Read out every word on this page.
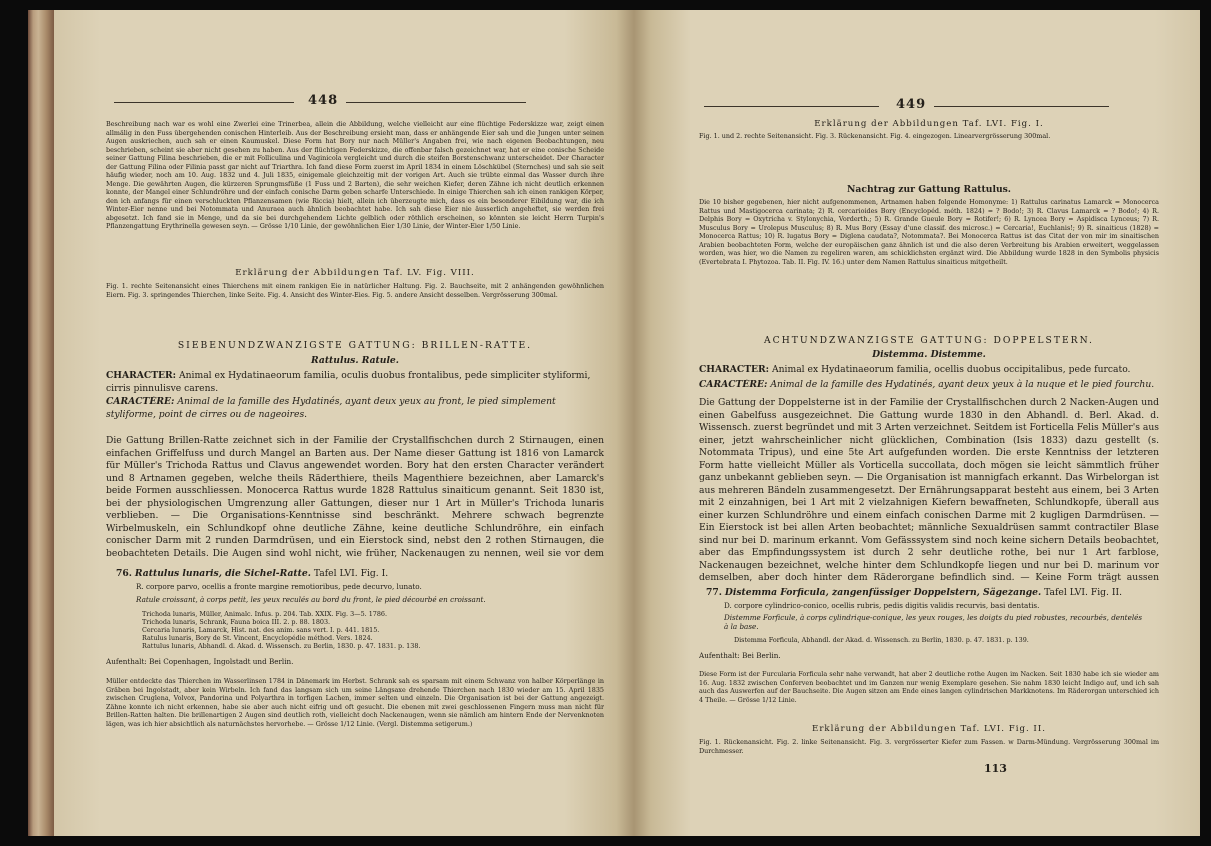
448
Beschreibung nach war es wohl eine Zwerlei eine Trinerbea, allein die Abbildung, welche vielleicht aur eine flüchtige Federskizze war, zeigt einen allmälig in den Fuss übergehenden conischen Hinterleib. Aus der Beschreibung ersieht man, dass er anhängende Eier sah und die Jungen unter seinen Augen auskriechen, auch sah er einen Kaumuskel. Diese Form hat Bory nur nach Müller's Angaben frei, wie nach eigenen Beobachtungen, neu beschrieben, scheint sie aber nicht gesehen zu haben. Aus der flüchtigen Federskizze, die offenbar falsch gezeichnet war, hat er eine conische Scheide seiner Gattung Filina beschrieben, die er mit Folliculina und Vaginicola vergleicht und durch die steifen Borstenschwanz unterscheidet. Der Character der Gattung Filina oder Filinia passt gar nicht auf Triarthra. Ich fand diese Form zuerst im April 1834 in einem Löschkübel (Sternches) und sah sie seit häufig wieder, noch am 10. Aug. 1832 und 4. Juli 1835, einigemale gleichzeitig mit der vorigen Art. Auch sie trübte einmal das Wasser durch ihre Menge. Die gewährten Augen, die kürzeren Sprungmsfüße (1 Fuss und 2 Barten), die sehr weichen Kiefer, deren Zähne ich nicht deutlich erkennen konnte, der Mangel einer Schlundröhre und der einfach conische Darm geben scharfe Unterschiede. In einige Thierchen sah ich einen rankigen Körper, den ich anfangs für einen verschluckten Pflanzensamen (wie Riccia) hielt, allein ich überzeugte mich, dass es ein besonderer Eibildung war, die ich Winter-Eier nenne und bei Notommata und Anuraea auch ähnlich beobachtet habe. Ich sah diese Eier nie äusserlich angeheftet, sie werden frei abgesetzt. Ich fand sie in Menge, und da sie bei durchgehendem Lichte gelblich oder röthlich erscheinen, so könnten sie leicht Herrn Turpin's Pflanzengattung Erythrinella gewesen seyn. — Grösse 1/10 Linie, der gewöhnlichen Eier 1/30 Linie, der Winter-Eier 1/50 Linie.
Erklärung der Abbildungen Taf. LV. Fig. VIII.
Fig. 1. rechte Seitenansicht eines Thierchens mit einem rankigen Eie in natürlicher Haltung. Fig. 2. Bauchseite, mit 2 anhängenden gewöhnlichen Eiern. Fig. 3. springendes Thierchen, linke Seite. Fig. 4. Ansicht des Winter-Eies. Fig. 5. andere Ansicht desselben. Vergrösserung 300mal.
SIEBENUNDZWANZIGSTE GATTUNG: BRILLEN-RATTE.
Rattulus. Ratule.
CHARACTER: Animal ex Hydatinaeorum familia, oculis duobus frontalibus, pede simpliciter styliformi, cirris pinnulisve carens.
CARACTÈRE: Animal de la famille des Hydatinés, ayant deux yeux au front, le pied simplement styliforme, point de cirres ou de nageoires.
Die Gattung Brillen-Ratte zeichnet sich in der Familie der Crystallfischchen durch 2 Stirnaugen, einen einfachen Griffelfuss und durch Mangel an Barten aus. Der Name dieser Gattung ist 1816 von Lamarck für Müller's Trichoda Rattus und Clavus angewendet worden. Bory hat den ersten Character verändert und 8 Artnamen gegeben, welche theils Räderthiere, theils Magenthiere bezeichnen, aber Lamarck's beide Formen ausschliessen. Monocerca Rattus wurde 1828 Rattulus sinaiticum genannt. Seit 1830 ist, bei der physiologischen Umgrenzung aller Gattungen, dieser nur 1 Art in Müller's Trichoda lunaris verblieben. — Die Organisations-Kenntnisse sind beschränkt. Mehrere schwach begrenzte Wirbelmuskeln, ein Schlundkopf ohne deutliche Zähne, keine deutliche Schlundröhre, ein einfach conischer Darm mit 2 runden Darmdrüsen, und ein Eierstock sind, nebst den 2 rothen Stirnaugen, die beobachteten Details. Die Augen sind wohl nicht, wie früher, Nackenaugen zu nennen, weil sie vor dem
76. Rattulus lunaris, die Sichel-Ratte. Tafel LVI. Fig. I.
R. corpore parvo, ocellis a fronte margine remotioribus, pede decurvo, lunato.
Ratule croissant, à corps petit, les yeux reculés au bord du front, le pied décourbé en croissant.
Trichoda lunaris, Müller, Animalc. Infus. p. 204. Tab. XXIX. Fig. 3—5. 1786.
Trichoda lunaris, Schrank, Fauna boica III. 2. p. 88. 1803.
Cercaria lunaris, Lamarck, Hist. nat. des anim. sans vert. I. p. 441. 1815.
Ratulus lunaris, Bory de St. Vincent, Encyclopédie méthod. Vers. 1824.
Rattulus lunaris, Abhandl. d. Akad. d. Wissensch. zu Berlin, 1830. p. 47. 1831. p. 138.
Aufenthalt: Bei Copenhagen, Ingolstadt und Berlin.
Müller entdeckte das Thierchen im Wasserlinsen 1784 in Dänemark im Herbst. Schrank sah es sparsam mit einem Schwanz von halber Körperlänge in Gräben bei Ingolstadt, aber kein Wirbeln. Ich fand das langsam sich um seine Längsaxe drehende Thierchen nach 1830 wieder am 15. April 1835 zwischen Cruglena, Volvox, Pandorina und Polyarthra in torfigen Lachen, immer selten und einzeln. Die Organisation ist bei der Gattung angezeigt. Zähne konnte ich nicht erkennen, habe sie aber auch nicht eifrig und oft gesucht. Die ebenen mit zwei geschlossenen Fingern muss man nicht für Brillen-Ratten halten. Die brillenartigen 2 Augen sind deutlich roth, vielleicht doch Nackenaugen, wenn sie nämlich am hintern Ende der Nervenknoten lägen, was ich hier absichtlich als naturnächstes hervorhebe. — Grösse 1/12 Linie. (Vergl. Distemma setigerum.)
449
Erklärung der Abbildungen Taf. LVI. Fig. I.
Fig. 1. und 2. rechte Seitenansicht. Fig. 3. Rückenansicht. Fig. 4. eingezogen. Linearvergrösserung 300mal.
Nachtrag zur Gattung Rattulus.
Die 10 bisher gegebenen, hier nicht aufgenommenen, Artnamen haben folgende Homonyme: 1) Rattulus carinatus Lamarck = Monocerca Rattus und Mastigocerca carinata; 2) R. cercarioides Bory (Encyclopéd. méth. 1824) = ? Bodo!; 3) R. Clavus Lamarck = ? Bodo!; 4) R. Delphis Bory = Oxytricha v. Stylonychia, Vorderth.; 5) R. Grande Gueule Bory = Rotifer!; 6) R. Lyncea Bory = Aspidisca Lynceus; 7) R. Musculus Bory = Urolepus Musculus; 8) R. Mus Bory (Essay d'une classif. des microsc.) = Cercaria!, Euchlanis!; 9) R. sinaiticus (1828) = Monocerca Rattus; 10) R. lugatus Bory = Diglena caudata?, Notommata?. Bei Monocerca Rattus ist das Citat der von mir im sinaitischen Arabien beobachteten Form, welche der europäischen ganz ähnlich ist und die also deren Verbreitung bis Arabien erweitert, weggelassen worden, was hier, wo die Namen zu regeliren waren, am schicklichsten ergänzt wird. Die Abbildung wurde 1828 in den Symbolis physicis (Evertebrata I. Phytozoa. Tab. II. Fig. IV. 16.) unter dem Namen Rattulus sinaiticus mitgetheilt.
ACHTUNDZWANZIGSTE GATTUNG: DOPPELSTERN.
Distemma. Distemme.
CHARACTER: Animal ex Hydatinaeorum familia, ocellis duobus occipitalibus, pede furcato.
CARACTÈRE: Animal de la famille des Hydatinés, ayant deux yeux à la nuque et le pied fourchu.
Die Gattung der Doppelsterne ist in der Familie der Crystallfischchen durch 2 Nacken-Augen und einen Gabelfuss ausgezeichnet. Die Gattung wurde 1830 in den Abhandl. d. Berl. Akad. d. Wissensch. zuerst begründet und mit 3 Arten verzeichnet. Seitdem ist Forticella Felis Müller's aus einer, jetzt wahrscheinlicher nicht glücklichen, Combination (Isis 1833) dazu gestellt (s. Notommata Tripus), und eine 5te Art aufgefunden worden. Die erste Kenntniss der letzteren Form hatte vielleicht Müller als Vorticella succollata, doch mögen sie leicht sämmtlich früher ganz unbekannt geblieben seyn. — Die Organisation ist mannigfach erkannt. Das Wirbelorgan ist aus mehreren Bändeln zusammengesetzt. Der Ernährungsapparat besteht aus einem, bei 3 Arten mit 2 einzahnigen, bei 1 Art mit 2 vielzahnigen Kiefern bewaffneten, Schlundkopfe, überall aus einer kurzen Schlundröhre und einem einfach conischen Darme mit 2 kugligen Darmdrüsen. — Ein Eierstock ist bei allen Arten beobachtet; männliche Sexualdrüsen sammt contractiler Blase sind nur bei D. marinum erkannt. Vom Gefässsystem sind noch keine sichern Details beobachtet, aber das Empfindungssystem ist durch 2 sehr deutliche rothe, bei nur 1 Art farblose, Nackenaugen bezeichnet, welche hinter dem Schlundkopfe liegen und nur bei D. marinum vor demselben, aber doch hinter dem Räderorgane befindlich sind. — Keine Form trägt aussen
77. Distemma Forficula, zangenfüssiger Doppelstern, Sägezange. Tafel LVI. Fig. II.
D. corpore cylindrico-conico, ocellis rubris, pedis digitis validis recurvis, basi dentatis.
Distemme Forficule, à corps cylindrique-conique, les yeux rouges, les doigts du pied robustes, recourbés, dentelés à la base.
Distemma Forficula, Abhandl. der Akad. d. Wissensch. zu Berlin, 1830. p. 47. 1831. p. 139.
Aufenthalt: Bei Berlin.
Diese Form ist der Furcularia Forficula sehr nahe verwandt, hat aber 2 deutliche rothe Augen im Nacken. Seit 1830 habe ich sie wieder am 16. Aug. 1832 zwischen Conferven beobachtet und im Ganzen nur wenig Exemplare gesehen. Sie nahm 1830 leicht Indigo auf, und ich sah auch das Auswerfen auf der Bauchseite. Die Augen sitzen am Ende eines langen cylindrischen Markknotens. Im Räderorgan unterschied ich 4 Theile. — Grösse 1/12 Linie.
Erklärung der Abbildungen Taf. LVI. Fig. II.
Fig. 1. Rückenansicht. Fig. 2. linke Seitenansicht. Fig. 3. vergrösserter Kiefer zum Fassen. w Darm-Mündung. Vergrösserung 300mal im Durchmesser.
113
